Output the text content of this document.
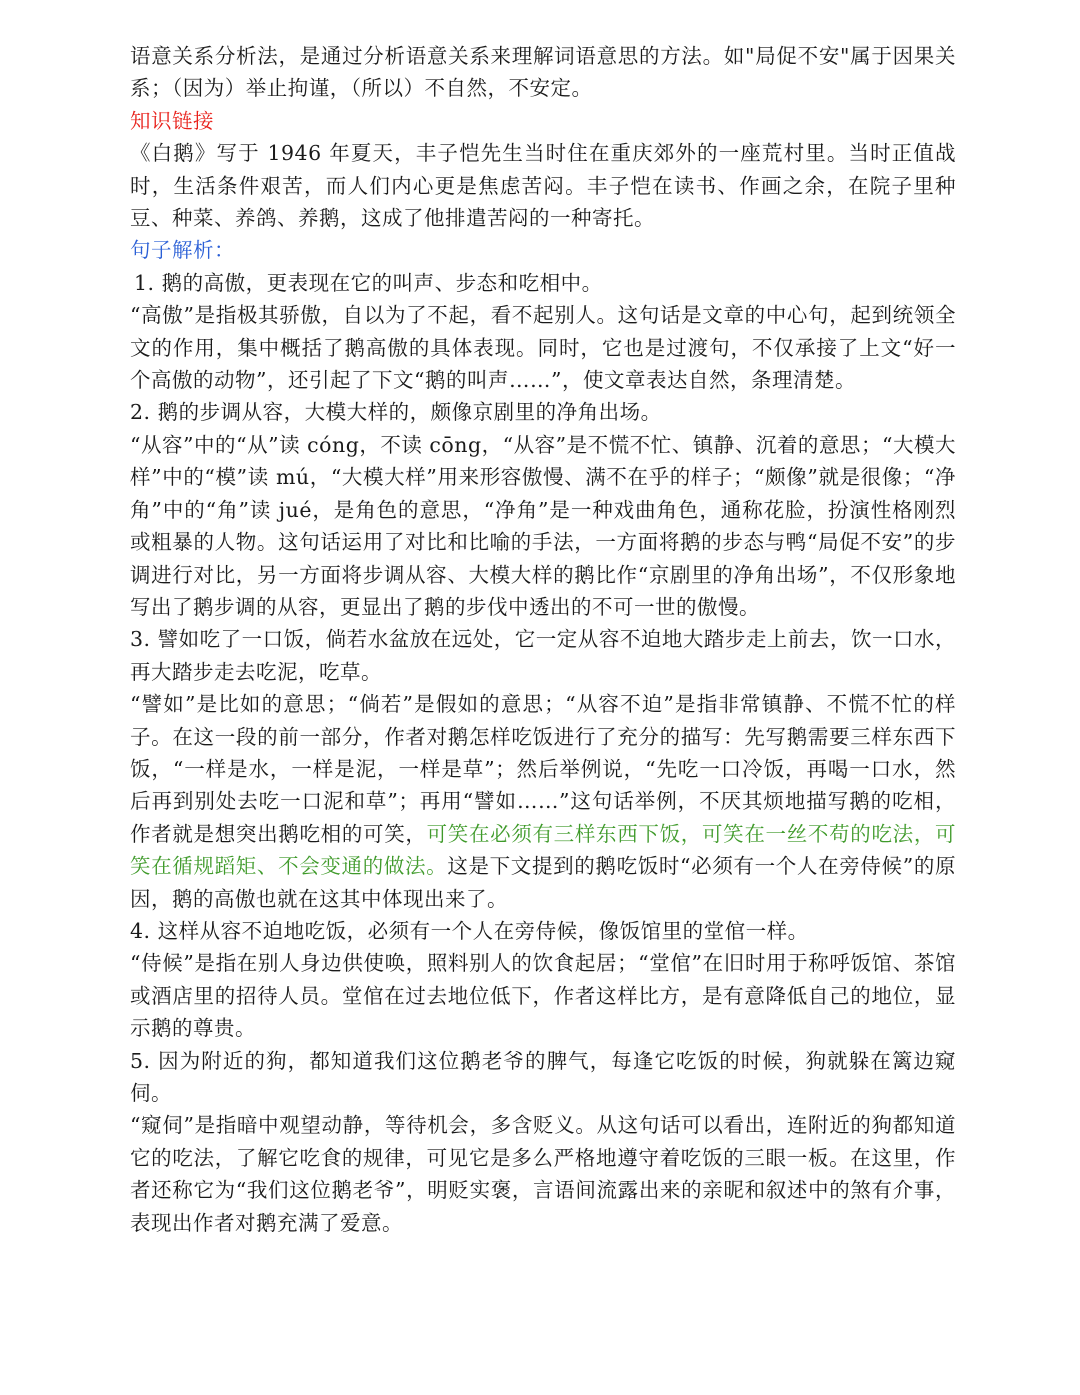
语意关系分析法，是通过分析语意关系来理解词语意思的方法。如"局促不安"属于因果关系；（因为）举止拘谨，（所以）不自然，不安定。

知识链接

《白鹅》写于 1946 年夏天，丰子恺先生当时住在重庆郊外的一座荒村里。当时正值战时，生活条件艰苦，而人们内心更是焦虑苦闷。丰子恺在读书、作画之余，在院子里种豆、种菜、养鸽、养鹅，这成了他排遣苦闷的一种寄托。

句子解析：

1. 鹅的高傲，更表现在它的叫声、步态和吃相中。

“高傲”是指极其骄傲，自以为了不起，看不起别人。这句话是文章的中心句，起到统领全文的作用，集中概括了鹅高傲的具体表现。同时，它也是过渡句，不仅承接了上文“好一个高傲的动物”，还引起了下文“鹅的叫声……”，使文章表达自然，条理清楚。

2. 鹅的步调从容，大模大样的，颇像京剧里的净角出场。

“从容”中的“从”读 cóng，不读 cōng，“从容”是不慌不忙、镇静、沉着的意思；“大模大样”中的“模”读 mú，“大模大样”用来形容傲慢、满不在乎的样子；“颇像”就是很像；“净角”中的“角”读 jué，是角色的意思，“净角”是一种戏曲角色，通称花脸，扮演性格刚烈或粗暴的人物。这句话运用了对比和比喻的手法，一方面将鹅的步态与鸭“局促不安”的步调进行对比，另一方面将步调从容、大模大样的鹅比作“京剧里的净角出场”，不仅形象地写出了鹅步调的从容，更显出了鹅的步伐中透出的不可一世的傲慢。

3. 譬如吃了一口饭，倘若水盆放在远处，它一定从容不迫地大踏步走上前去，饮一口水，再大踏步走去吃泥，吃草。

“譬如”是比如的意思；“倘若”是假如的意思；“从容不迫”是指非常镇静、不慌不忙的样子。在这一段的前一部分，作者对鹅怎样吃饭进行了充分的描写：先写鹅需要三样东西下饭，“一样是水，一样是泥，一样是草”；然后举例说，“先吃一口冷饭，再喝一口水，然后再到别处去吃一口泥和草”；再用“譬如……”这句话举例，不厌其烦地描写鹅的吃相，作者就是想突出鹅吃相的可笑，可笑在必须有三样东西下饭，可笑在一丝不苟的吃法，可笑在循规蹈矩、不会变通的做法。这是下文提到的鹅吃饭时“必须有一个人在旁侍候”的原因，鹅的高傲也就在这其中体现出来了。

4. 这样从容不迫地吃饭，必须有一个人在旁侍候，像饭馆里的堂倌一样。

“侍候”是指在别人身边供使唤，照料别人的饮食起居；“堂倌”在旧时用于称呼饭馆、茶馆或酒店里的招待人员。堂倌在过去地位低下，作者这样比方，是有意降低自己的地位，显示鹅的尊贵。

5. 因为附近的狗，都知道我们这位鹅老爷的脾气，每逢它吃饭的时候，狗就躲在篱边窥伺。

“窥伺”是指暗中观望动静，等待机会，多含贬义。从这句话可以看出，连附近的狗都知道它的吃法，了解它吃食的规律，可见它是多么严格地遵守着吃饭的三眼一板。在这里，作者还称它为“我们这位鹅老爷”，明贬实褒，言语间流露出来的亲昵和叙述中的煞有介事，表现出作者对鹅充满了爱意。
